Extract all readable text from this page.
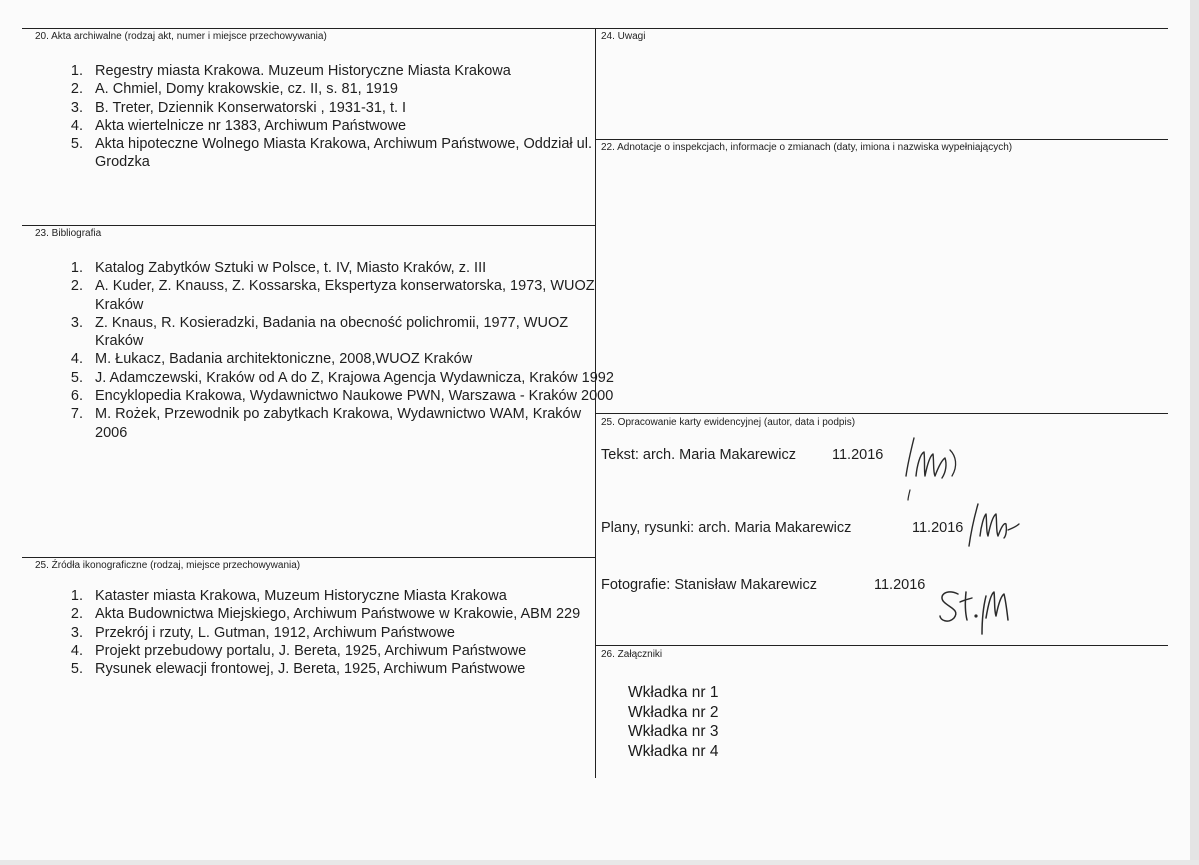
20. Akta archiwalne (rodzaj akt, numer i miejsce przechowywania)
1. Regestry miasta Krakowa. Muzeum Historyczne Miasta Krakowa
2. A. Chmiel, Domy krakowskie, cz. II, s. 81, 1919
3. B. Treter, Dziennik Konserwatorski , 1931-31, t. I
4. Akta wiertelnicze nr 1383, Archiwum Państwowe
5. Akta hipoteczne Wolnego Miasta Krakowa, Archiwum Państwowe, Oddział ul. Grodzka
24. Uwagi
22. Adnotacje o inspekcjach, informacje o zmianach (daty, imiona i nazwiska wypełniających)
23. Bibliografia
1. Katalog Zabytków Sztuki w Polsce, t. IV, Miasto Kraków, z. III
2. A. Kuder, Z. Knauss, Z. Kossarska, Ekspertyza konserwatorska, 1973, WUOZ Kraków
3. Z. Knaus, R. Kosieradzki, Badania na obecność polichromii, 1977, WUOZ Kraków
4. M. Łukacz, Badania architektoniczne, 2008,WUOZ Kraków
5. J. Adamczewski, Kraków od A do Z, Krajowa Agencja Wydawnicza, Kraków 1992
6. Encyklopedia Krakowa, Wydawnictwo Naukowe PWN, Warszawa - Kraków 2000
7. M. Rożek, Przewodnik po zabytkach Krakowa, Wydawnictwo WAM, Kraków 2006
25. Opracowanie karty ewidencyjnej (autor, data i podpis)
Tekst: arch. Maria Makarewicz 11.2016
Plany, rysunki: arch. Maria Makarewicz	11.2016
Fotografie: Stanisław Makarewicz	11.2016
25. Źródła ikonograficzne (rodzaj, miejsce przechowywania)
1. Kataster miasta Krakowa, Muzeum Historyczne Miasta Krakowa
2. Akta Budownictwa Miejskiego, Archiwum Państwowe w Krakowie, ABM 229
3. Przekrój i rzuty, L. Gutman, 1912, Archiwum Państwowe
4. Projekt przebudowy portalu, J. Bereta, 1925, Archiwum Państwowe
5. Rysunek elewacji frontowej, J. Bereta, 1925, Archiwum Państwowe
26. Załączniki
Wkładka nr 1
Wkładka nr 2
Wkładka nr 3
Wkładka nr 4
